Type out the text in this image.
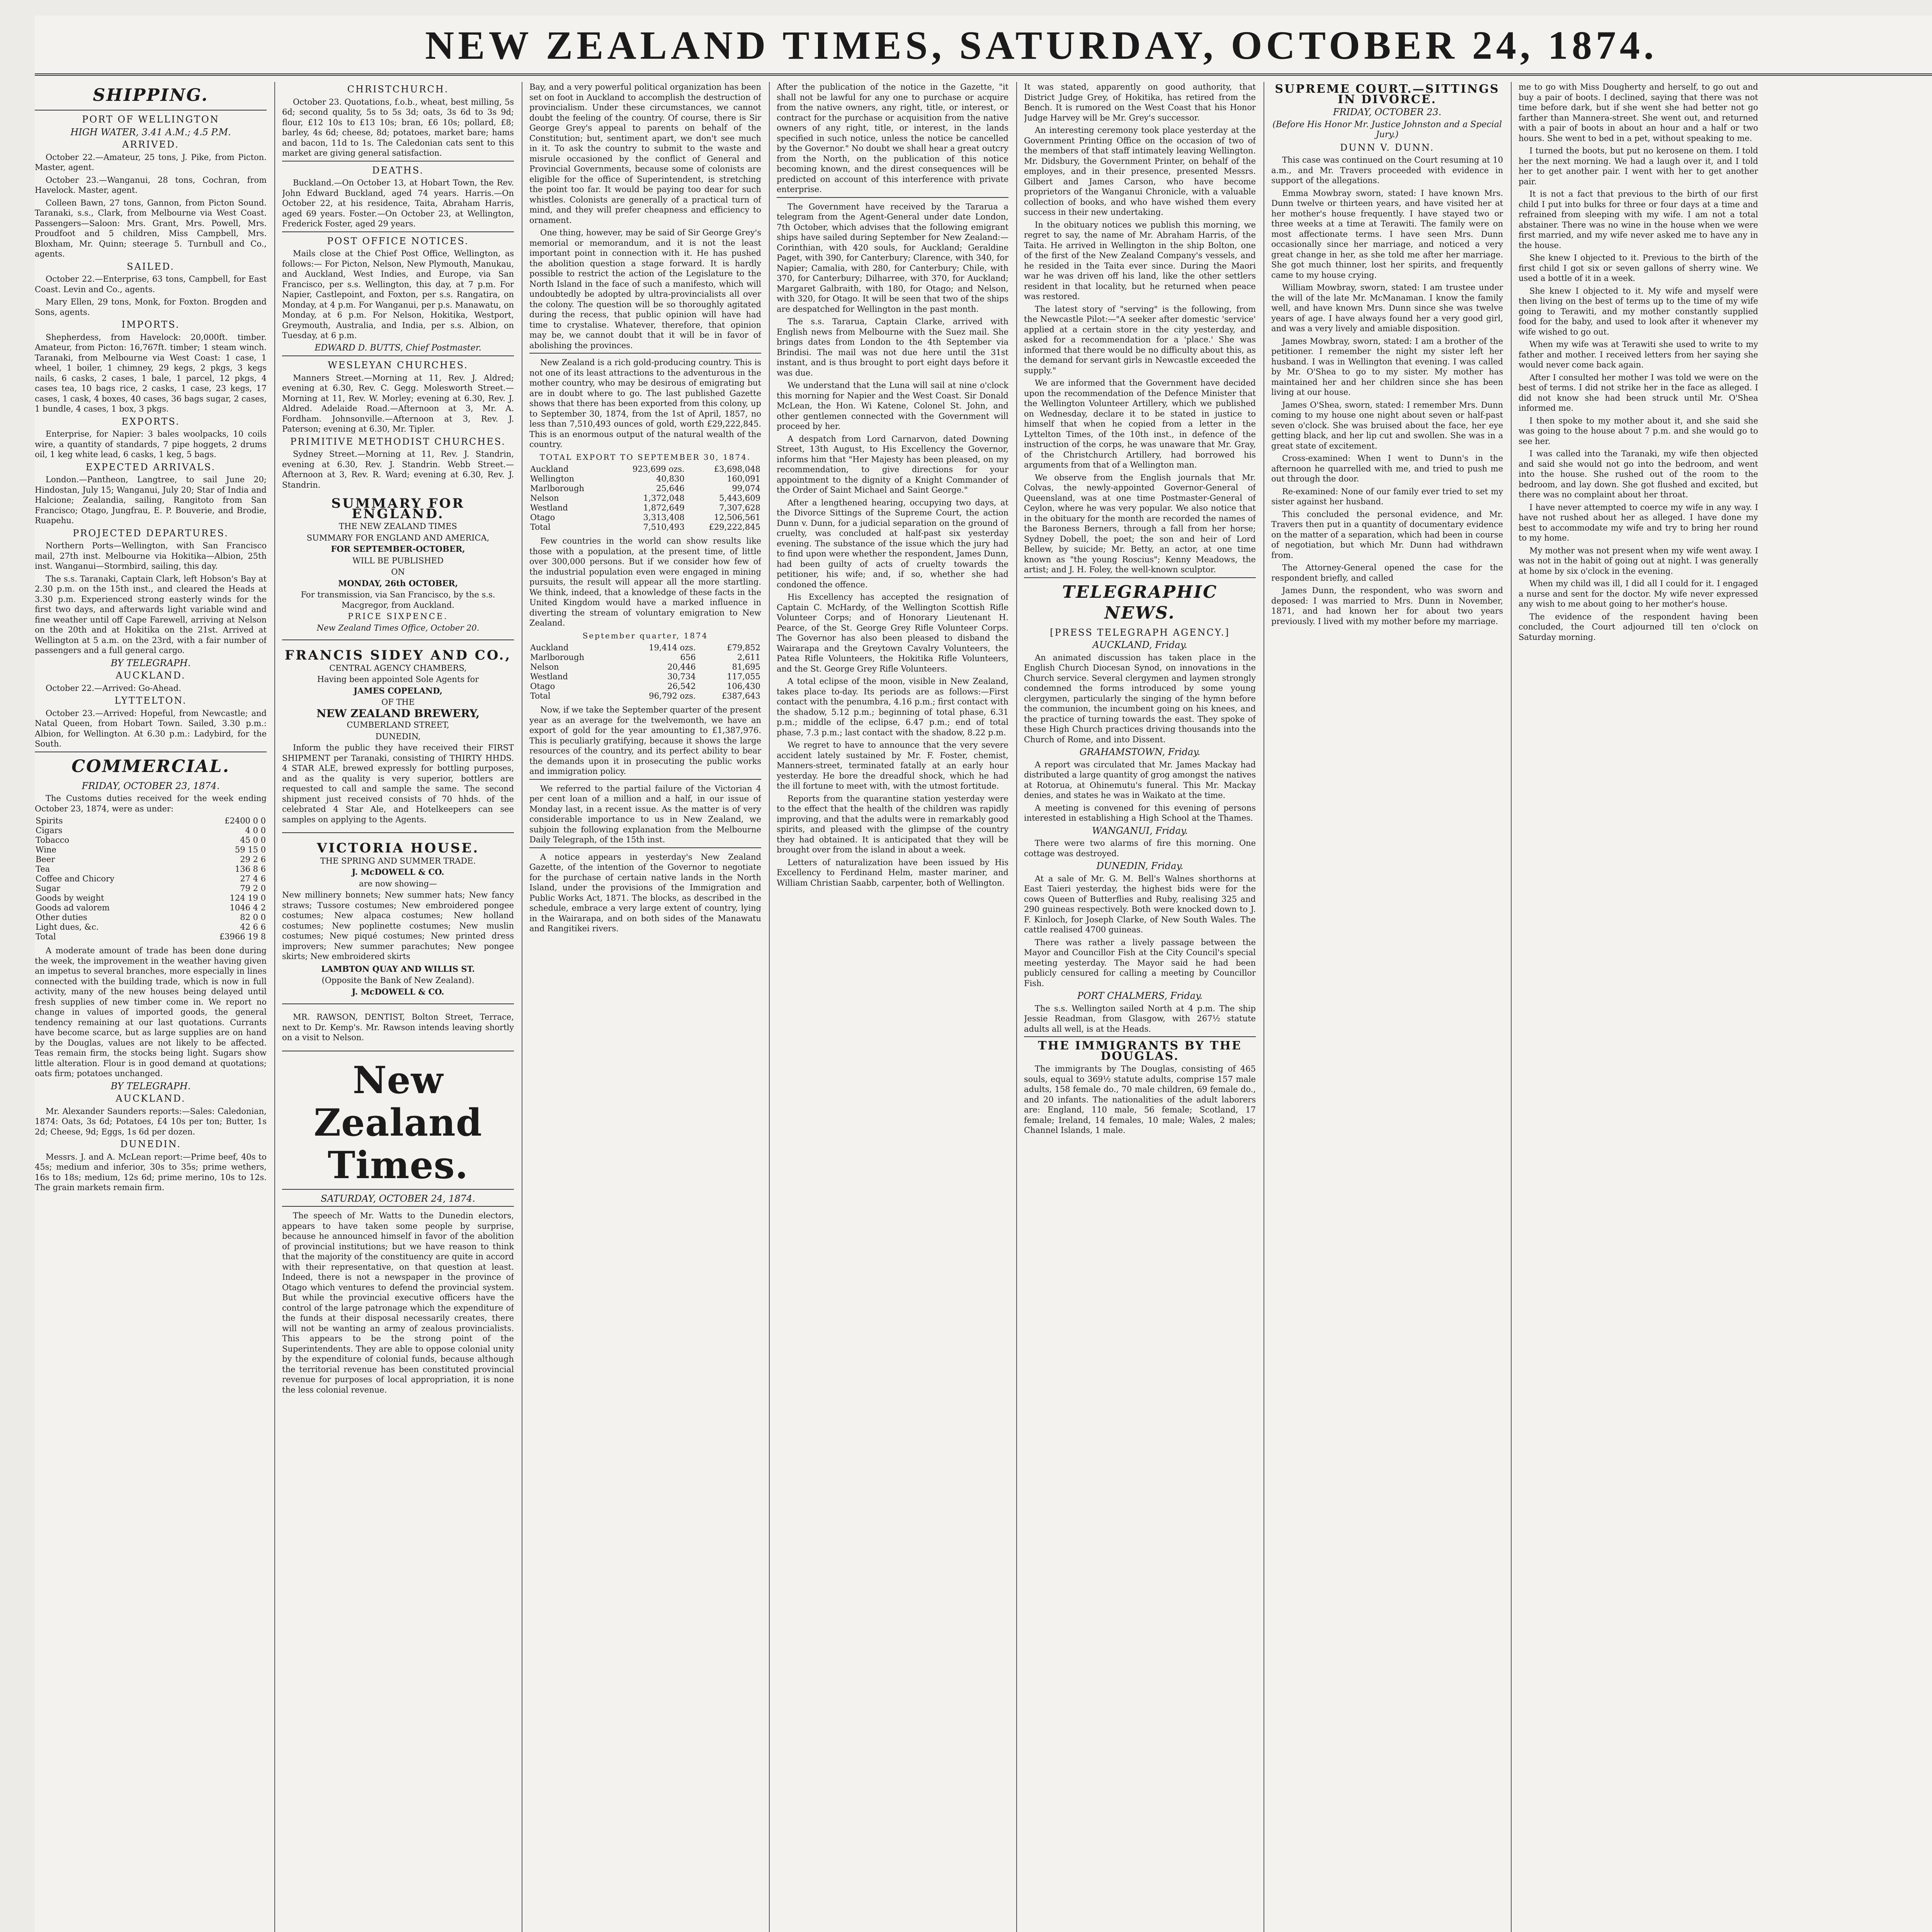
NEW ZEALAND TIMES, SATURDAY, OCTOBER 24, 1874.
SHIPPING.
PORT OF WELLINGTON
HIGH WATER, 3.41 A.M.; 4.5 P.M.
ARRIVED.

October 22.—Amateur, 25 tons, J. Pike, from Picton. Master, agent.

October 23.—Wanganui, 28 tons, Cochran, from Havelock. Master, agent.

Colleen Bawn, 27 tons, Gannon, from Picton Sound. Taranaki, s.s., Clark, from Melbourne via West Coast. Passengers—Saloon: Mrs. Grant, Mrs. Powell, Mrs. Proudfoot and 5 children, Miss Campbell, Mrs. Bloxham, Mr. Quinn; steerage 5. Turnbull and Co., agents.

SAILED.

October 22.—Enterprise, 63 tons, Campbell, for East Coast. Levin and Co., agents.

Mary Ellen, 29 tons, Monk, for Foxton. Brogden and Sons, agents.

IMPORTS.

Shepherdess, from Havelock: 20,000ft. timber. Amateur, from Picton: 16,767ft. timber; 1 steam winch. Taranaki, from Melbourne via West Coast: 1 case, 1 wheel, 1 boiler, 1 chimney, 29 kegs, 2 pkgs, 3 kegs nails, 6 casks, 2 cases, 1 bale, 1 parcel, 12 pkgs, 4 cases tea, 10 bags rice, 2 casks, 1 case, 23 kegs, 17 cases, 1 cask, 4 boxes, 40 cases, 36 bags sugar, 2 cases, 1 bundle, 4 cases, 1 box, 3 pkgs.

EXPORTS.

Enterprise, for Napier: 3 bales woolpacks, 10 coils wire, a quantity of standards, 7 pipe hoggets, 2 drums oil, 1 keg white lead, 6 casks, 1 keg, 5 bags.

EXPECTED ARRIVALS.

London.—Pantheon, Langtree, to sail June 20; Hindostan, July 15; Wanganui, July 20; Star of India and Halcione; Zealandia, sailing, Rangitoto from San Francisco; Otago, Jungfrau, E. P. Bouverie, and Brodie, Ruapehu.

PROJECTED DEPARTURES.

Northern Ports—Wellington, with San Francisco mail, 27th inst. Melbourne via Hokitika—Albion, 25th inst. Wanganui—Stormbird, sailing, this day.

The s.s. Taranaki, Captain Clark, left Hobson's Bay at 2.30 p.m. on the 15th inst., and cleared the Heads at 3.30 p.m. Experienced strong easterly winds for the first two days, and afterwards light variable wind and fine weather until off Cape Farewell, arriving at Nelson on the 20th and at Hokitika on the 21st. Arrived at Wellington at 5 a.m. on the 23rd, with a fair number of passengers and a full general cargo.

BY TELEGRAPH.
AUCKLAND.

October 22.—Arrived: Go-Ahead.

LYTTELTON.

October 23.—Arrived: Hopeful, from Newcastle; and Natal Queen, from Hobart Town. Sailed, 3.30 p.m.: Albion, for Wellington. At 6.30 p.m.: Ladybird, for the South.

COMMERCIAL.
FRIDAY, OCTOBER 23, 1874.

The Customs duties received for the week ending October 23, 1874, were as under:

Spirits	£2400 0 0
Cigars	4 0 0
Tobacco	45 0 0
Wine	59 15 0
Beer	29 2 6
Tea	136 8 6
Coffee and Chicory	27 4 6
Sugar	79 2 0
Goods by weight	124 19 0
Goods ad valorem	1046 4 2
Other duties	82 0 0
Light dues, &c.	42 6 6
Total	£3966 19 8

A moderate amount of trade has been done during the week, the improvement in the weather having given an impetus to several branches, more especially in lines connected with the building trade, which is now in full activity, many of the new houses being delayed until fresh supplies of new timber come in. We report no change in values of imported goods, the general tendency remaining at our last quotations. Currants have become scarce, but as large supplies are on hand by the Douglas, values are not likely to be affected. Teas remain firm, the stocks being light. Sugars show little alteration. Flour is in good demand at quotations; oats firm; potatoes unchanged.

BY TELEGRAPH.
AUCKLAND.

Mr. Alexander Saunders reports:—Sales: Caledonian, 1874: Oats, 3s 6d; Potatoes, £4 10s per ton; Butter, 1s 2d; Cheese, 9d; Eggs, 1s 6d per dozen.

DUNEDIN.

Messrs. J. and A. McLean report:—Prime beef, 40s to 45s; medium and inferior, 30s to 35s; prime wethers, 16s to 18s; medium, 12s 6d; prime merino, 10s to 12s. The grain markets remain firm.

CHRISTCHURCH.

October 23. Quotations, f.o.b., wheat, best milling, 5s 6d; second quality, 5s to 5s 3d; oats, 3s 6d to 3s 9d; flour, £12 10s to £13 10s; bran, £6 10s; pollard, £8; barley, 4s 6d; cheese, 8d; potatoes, market bare; hams and bacon, 11d to 1s. The Caledonian cats sent to this market are giving general satisfaction.

DEATHS.

Buckland.—On October 13, at Hobart Town, the Rev. John Edward Buckland, aged 74 years. Harris.—On October 22, at his residence, Taita, Abraham Harris, aged 69 years. Foster.—On October 23, at Wellington, Frederick Foster, aged 29 years.

POST OFFICE NOTICES.

Mails close at the Chief Post Office, Wellington, as follows:— For Picton, Nelson, New Plymouth, Manukau, and Auckland, West Indies, and Europe, via San Francisco, per s.s. Wellington, this day, at 7 p.m. For Napier, Castlepoint, and Foxton, per s.s. Rangatira, on Monday, at 4 p.m. For Wanganui, per p.s. Manawatu, on Monday, at 6 p.m. For Nelson, Hokitika, Westport, Greymouth, Australia, and India, per s.s. Albion, on Tuesday, at 6 p.m.

EDWARD D. BUTTS, Chief Postmaster.
WESLEYAN CHURCHES.

Manners Street.—Morning at 11, Rev. J. Aldred; evening at 6.30, Rev. C. Gegg. Molesworth Street.—Morning at 11, Rev. W. Morley; evening at 6.30, Rev. J. Aldred. Adelaide Road.—Afternoon at 3, Mr. A. Fordham. Johnsonville.—Afternoon at 3, Rev. J. Paterson; evening at 6.30, Mr. Tipler.

PRIMITIVE METHODIST CHURCHES.

Sydney Street.—Morning at 11, Rev. J. Standrin, evening at 6.30, Rev. J. Standrin. Webb Street.—Afternoon at 3, Rev. R. Ward; evening at 6.30, Rev. J. Standrin.

SUMMARY FOR ENGLAND.
THE NEW ZEALAND TIMES
SUMMARY FOR ENGLAND AND AMERICA,
FOR SEPTEMBER-OCTOBER,
WILL BE PUBLISHED
ON
MONDAY, 26th OCTOBER,
For transmission, via San Francisco, by the s.s. Macgregor, from Auckland.
PRICE SIXPENCE.
New Zealand Times Office, October 20.
FRANCIS SIDEY AND CO.,
CENTRAL AGENCY CHAMBERS,
Having been appointed Sole Agents for
JAMES COPELAND,
OF THE
NEW ZEALAND BREWERY,
CUMBERLAND STREET,
DUNEDIN,

Inform the public they have received their FIRST SHIPMENT per Taranaki, consisting of THIRTY HHDS. 4 STAR ALE, brewed expressly for bottling purposes, and as the quality is very superior, bottlers are requested to call and sample the same. The second shipment just received consists of 70 hhds. of the celebrated 4 Star Ale, and Hotelkeepers can see samples on applying to the Agents.

VICTORIA HOUSE.
THE SPRING AND SUMMER TRADE.
J. McDOWELL & CO.
are now showing—

New millinery bonnets; New summer hats; New fancy straws; Tussore costumes; New embroidered pongee costumes; New alpaca costumes; New holland costumes; New poplinette costumes; New muslin costumes; New piqué costumes; New printed dress improvers; New summer parachutes; New pongee skirts; New embroidered skirts

LAMBTON QUAY AND WILLIS ST.
(Opposite the Bank of New Zealand).
J. McDOWELL & CO.

MR. RAWSON, DENTIST, Bolton Street, Terrace, next to Dr. Kemp's. Mr. Rawson intends leaving shortly on a visit to Nelson.

New Zealand Times.
SATURDAY, OCTOBER 24, 1874.

The speech of Mr. Watts to the Dunedin electors, appears to have taken some people by surprise, because he announced himself in favor of the abolition of provincial institutions; but we have reason to think that the majority of the constituency are quite in accord with their representative, on that question at least. Indeed, there is not a newspaper in the province of Otago which ventures to defend the provincial system. But while the provincial executive officers have the control of the large patronage which the expenditure of the funds at their disposal necessarily creates, there will not be wanting an army of zealous provincialists. This appears to be the strong point of the Superintendents. They are able to oppose colonial unity by the expenditure of colonial funds, because although the territorial revenue has been constituted provincial revenue for purposes of local appropriation, it is none the less colonial revenue.

Bay, and a very powerful political organization has been set on foot in Auckland to accomplish the destruction of provincialism. Under these circumstances, we cannot doubt the feeling of the country. Of course, there is Sir George Grey's appeal to parents on behalf of the Constitution; but, sentiment apart, we don't see much in it. To ask the country to submit to the waste and misrule occasioned by the conflict of General and Provincial Governments, because some of colonists are eligible for the office of Superintendent, is stretching the point too far. It would be paying too dear for such whistles. Colonists are generally of a practical turn of mind, and they will prefer cheapness and efficiency to ornament.

One thing, however, may be said of Sir George Grey's memorial or memorandum, and it is not the least important point in connection with it. He has pushed the abolition question a stage forward. It is hardly possible to restrict the action of the Legislature to the North Island in the face of such a manifesto, which will undoubtedly be adopted by ultra-provincialists all over the colony. The question will be so thoroughly agitated during the recess, that public opinion will have had time to crystalise. Whatever, therefore, that opinion may be, we cannot doubt that it will be in favor of abolishing the provinces.

New Zealand is a rich gold-producing country. This is not one of its least attractions to the adventurous in the mother country, who may be desirous of emigrating but are in doubt where to go. The last published Gazette shows that there has been exported from this colony, up to September 30, 1874, from the 1st of April, 1857, no less than 7,510,493 ounces of gold, worth £29,222,845. This is an enormous output of the natural wealth of the country.

TOTAL EXPORT TO SEPTEMBER 30, 1874.
Auckland	923,699 ozs.	£3,698,048
Wellington	40,830	160,091
Marlborough	25,646	99,074
Nelson	1,372,048	5,443,609
Westland	1,872,649	7,307,628
Otago	3,313,408	12,506,561
Total	7,510,493	£29,222,845

Few countries in the world can show results like those with a population, at the present time, of little over 300,000 persons. But if we consider how few of the industrial population even were engaged in mining pursuits, the result will appear all the more startling. We think, indeed, that a knowledge of these facts in the United Kingdom would have a marked influence in diverting the stream of voluntary emigration to New Zealand.

September quarter, 1874
Auckland	19,414 ozs.	£79,852
Marlborough	656	2,611
Nelson	20,446	81,695
Westland	30,734	117,055
Otago	26,542	106,430
Total	96,792 ozs.	£387,643

Now, if we take the September quarter of the present year as an average for the twelvemonth, we have an export of gold for the year amounting to £1,387,976. This is peculiarly gratifying, because it shows the large resources of the country, and its perfect ability to bear the demands upon it in prosecuting the public works and immigration policy.

We referred to the partial failure of the Victorian 4 per cent loan of a million and a half, in our issue of Monday last, in a recent issue. As the matter is of very considerable importance to us in New Zealand, we subjoin the following explanation from the Melbourne Daily Telegraph, of the 15th inst.

A notice appears in yesterday's New Zealand Gazette, of the intention of the Governor to negotiate for the purchase of certain native lands in the North Island, under the provisions of the Immigration and Public Works Act, 1871. The blocks, as described in the schedule, embrace a very large extent of country, lying in the Wairarapa, and on both sides of the Manawatu and Rangitikei rivers.

After the publication of the notice in the Gazette, "it shall not be lawful for any one to purchase or acquire from the native owners, any right, title, or interest, or contract for the purchase or acquisition from the native owners of any right, title, or interest, in the lands specified in such notice, unless the notice be cancelled by the Governor." No doubt we shall hear a great outcry from the North, on the publication of this notice becoming known, and the direst consequences will be predicted on account of this interference with private enterprise.

The Government have received by the Tararua a telegram from the Agent-General under date London, 7th October, which advises that the following emigrant ships have sailed during September for New Zealand:—Corinthian, with 420 souls, for Auckland; Geraldine Paget, with 390, for Canterbury; Clarence, with 340, for Napier; Camalia, with 280, for Canterbury; Chile, with 370, for Canterbury; Dilharree, with 370, for Auckland; Margaret Galbraith, with 180, for Otago; and Nelson, with 320, for Otago. It will be seen that two of the ships are despatched for Wellington in the past month.

The s.s. Tararua, Captain Clarke, arrived with English news from Melbourne with the Suez mail. She brings dates from London to the 4th September via Brindisi. The mail was not due here until the 31st instant, and is thus brought to port eight days before it was due.

We understand that the Luna will sail at nine o'clock this morning for Napier and the West Coast. Sir Donald McLean, the Hon. Wi Katene, Colonel St. John, and other gentlemen connected with the Government will proceed by her.

A despatch from Lord Carnarvon, dated Downing Street, 13th August, to His Excellency the Governor, informs him that "Her Majesty has been pleased, on my recommendation, to give directions for your appointment to the dignity of a Knight Commander of the Order of Saint Michael and Saint George."

After a lengthened hearing, occupying two days, at the Divorce Sittings of the Supreme Court, the action Dunn v. Dunn, for a judicial separation on the ground of cruelty, was concluded at half-past six yesterday evening. The substance of the issue which the jury had to find upon were whether the respondent, James Dunn, had been guilty of acts of cruelty towards the petitioner, his wife; and, if so, whether she had condoned the offence.

His Excellency has accepted the resignation of Captain C. McHardy, of the Wellington Scottish Rifle Volunteer Corps; and of Honorary Lieutenant H. Pearce, of the St. George Grey Rifle Volunteer Corps. The Governor has also been pleased to disband the Wairarapa and the Greytown Cavalry Volunteers, the Patea Rifle Volunteers, the Hokitika Rifle Volunteers, and the St. George Grey Rifle Volunteers.

A total eclipse of the moon, visible in New Zealand, takes place to-day. Its periods are as follows:—First contact with the penumbra, 4.16 p.m.; first contact with the shadow, 5.12 p.m.; beginning of total phase, 6.31 p.m.; middle of the eclipse, 6.47 p.m.; end of total phase, 7.3 p.m.; last contact with the shadow, 8.22 p.m.

We regret to have to announce that the very severe accident lately sustained by Mr. F. Foster, chemist, Manners-street, terminated fatally at an early hour yesterday. He bore the dreadful shock, which he had the ill fortune to meet with, with the utmost fortitude.

Reports from the quarantine station yesterday were to the effect that the health of the children was rapidly improving, and that the adults were in remarkably good spirits, and pleased with the glimpse of the country they had obtained. It is anticipated that they will be brought over from the island in about a week.

Letters of naturalization have been issued by His Excellency to Ferdinand Helm, master mariner, and William Christian Saabb, carpenter, both of Wellington.

It was stated, apparently on good authority, that District Judge Grey, of Hokitika, has retired from the Bench. It is rumored on the West Coast that his Honor Judge Harvey will be Mr. Grey's successor.

An interesting ceremony took place yesterday at the Government Printing Office on the occasion of two of the members of that staff intimately leaving Wellington. Mr. Didsbury, the Government Printer, on behalf of the employes, and in their presence, presented Messrs. Gilbert and James Carson, who have become proprietors of the Wanganui Chronicle, with a valuable collection of books, and who have wished them every success in their new undertaking.

In the obituary notices we publish this morning, we regret to say, the name of Mr. Abraham Harris, of the Taita. He arrived in Wellington in the ship Bolton, one of the first of the New Zealand Company's vessels, and he resided in the Taita ever since. During the Maori war he was driven off his land, like the other settlers resident in that locality, but he returned when peace was restored.

The latest story of "serving" is the following, from the Newcastle Pilot:—"A seeker after domestic 'service' applied at a certain store in the city yesterday, and asked for a recommendation for a 'place.' She was informed that there would be no difficulty about this, as the demand for servant girls in Newcastle exceeded the supply."

We are informed that the Government have decided upon the recommendation of the Defence Minister that the Wellington Volunteer Artillery, which we published on Wednesday, declare it to be stated in justice to himself that when he copied from a letter in the Lyttelton Times, of the 10th inst., in defence of the instruction of the corps, he was unaware that Mr. Gray, of the Christchurch Artillery, had borrowed his arguments from that of a Wellington man.

We observe from the English journals that Mr. Colvas, the newly-appointed Governor-General of Queensland, was at one time Postmaster-General of Ceylon, where he was very popular. We also notice that in the obituary for the month are recorded the names of the Baroness Berners, through a fall from her horse; Sydney Dobell, the poet; the son and heir of Lord Bellew, by suicide; Mr. Betty, an actor, at one time known as "the young Roscius"; Kenny Meadows, the artist; and J. H. Foley, the well-known sculptor.

TELEGRAPHIC NEWS.
[PRESS TELEGRAPH AGENCY.]
AUCKLAND, Friday.

An animated discussion has taken place in the English Church Diocesan Synod, on innovations in the Church service. Several clergymen and laymen strongly condemned the forms introduced by some young clergymen, particularly the singing of the hymn before the communion, the incumbent going on his knees, and the practice of turning towards the east. They spoke of these High Church practices driving thousands into the Church of Rome, and into Dissent.

GRAHAMSTOWN, Friday.

A report was circulated that Mr. James Mackay had distributed a large quantity of grog amongst the natives at Rotorua, at Ohinemutu's funeral. This Mr. Mackay denies, and states he was in Waikato at the time.

A meeting is convened for this evening of persons interested in establishing a High School at the Thames.

WANGANUI, Friday.

There were two alarms of fire this morning. One cottage was destroyed.

DUNEDIN, Friday.

At a sale of Mr. G. M. Bell's Walnes shorthorns at East Taieri yesterday, the highest bids were for the cows Queen of Butterflies and Ruby, realising 325 and 290 guineas respectively. Both were knocked down to J. F. Kinloch, for Joseph Clarke, of New South Wales. The cattle realised 4700 guineas.

There was rather a lively passage between the Mayor and Councillor Fish at the City Council's special meeting yesterday. The Mayor said he had been publicly censured for calling a meeting by Councillor Fish.

PORT CHALMERS, Friday.

The s.s. Wellington sailed North at 4 p.m. The ship Jessie Readman, from Glasgow, with 267½ statute adults all well, is at the Heads.

THE IMMIGRANTS BY THE DOUGLAS.

The immigrants by The Douglas, consisting of 465 souls, equal to 369½ statute adults, comprise 157 male adults, 158 female do., 70 male children, 69 female do., and 20 infants. The nationalities of the adult laborers are: England, 110 male, 56 female; Scotland, 17 female; Ireland, 14 females, 10 male; Wales, 2 males; Channel Islands, 1 male.

SUPREME COURT.—SITTINGS IN DIVORCE.
FRIDAY, OCTOBER 23.
(Before His Honor Mr. Justice Johnston and a Special Jury.)
DUNN V. DUNN.

This case was continued on the Court resuming at 10 a.m., and Mr. Travers proceeded with evidence in support of the allegations.

Emma Mowbray sworn, stated: I have known Mrs. Dunn twelve or thirteen years, and have visited her at her mother's house frequently. I have stayed two or three weeks at a time at Terawiti. The family were on most affectionate terms. I have seen Mrs. Dunn occasionally since her marriage, and noticed a very great change in her, as she told me after her marriage. She got much thinner, lost her spirits, and frequently came to my house crying.

William Mowbray, sworn, stated: I am trustee under the will of the late Mr. McManaman. I know the family well, and have known Mrs. Dunn since she was twelve years of age. I have always found her a very good girl, and was a very lively and amiable disposition.

James Mowbray, sworn, stated: I am a brother of the petitioner. I remember the night my sister left her husband. I was in Wellington that evening. I was called by Mr. O'Shea to go to my sister. My mother has maintained her and her children since she has been living at our house.

James O'Shea, sworn, stated: I remember Mrs. Dunn coming to my house one night about seven or half-past seven o'clock. She was bruised about the face, her eye getting black, and her lip cut and swollen. She was in a great state of excitement.

Cross-examined: When I went to Dunn's in the afternoon he quarrelled with me, and tried to push me out through the door.

Re-examined: None of our family ever tried to set my sister against her husband.

This concluded the personal evidence, and Mr. Travers then put in a quantity of documentary evidence on the matter of a separation, which had been in course of negotiation, but which Mr. Dunn had withdrawn from.

The Attorney-General opened the case for the respondent briefly, and called

James Dunn, the respondent, who was sworn and deposed: I was married to Mrs. Dunn in November, 1871, and had known her for about two years previously. I lived with my mother before my marriage.

me to go with Miss Dougherty and herself, to go out and buy a pair of boots. I declined, saying that there was not time before dark, but if she went she had better not go farther than Mannera-street. She went out, and returned with a pair of boots in about an hour and a half or two hours. She went to bed in a pet, without speaking to me.

I turned the boots, but put no kerosene on them. I told her the next morning. We had a laugh over it, and I told her to get another pair. I went with her to get another pair.

It is not a fact that previous to the birth of our first child I put into bulks for three or four days at a time and refrained from sleeping with my wife. I am not a total abstainer. There was no wine in the house when we were first married, and my wife never asked me to have any in the house.

She knew I objected to it. Previous to the birth of the first child I got six or seven gallons of sherry wine. We used a bottle of it in a week.

She knew I objected to it. My wife and myself were then living on the best of terms up to the time of my wife going to Terawiti, and my mother constantly supplied food for the baby, and used to look after it whenever my wife wished to go out.

When my wife was at Terawiti she used to write to my father and mother. I received letters from her saying she would never come back again.

After I consulted her mother I was told we were on the best of terms. I did not strike her in the face as alleged. I did not know she had been struck until Mr. O'Shea informed me.

I then spoke to my mother about it, and she said she was going to the house about 7 p.m. and she would go to see her.

I was called into the Taranaki, my wife then objected and said she would not go into the bedroom, and went into the house. She rushed out of the room to the bedroom, and lay down. She got flushed and excited, but there was no complaint about her throat.

I have never attempted to coerce my wife in any way. I have not rushed about her as alleged. I have done my best to accommodate my wife and try to bring her round to my home.

My mother was not present when my wife went away. I was not in the habit of going out at night. I was generally at home by six o'clock in the evening.

When my child was ill, I did all I could for it. I engaged a nurse and sent for the doctor. My wife never expressed any wish to me about going to her mother's house.

The evidence of the respondent having been concluded, the Court adjourned till ten o'clock on Saturday morning.
